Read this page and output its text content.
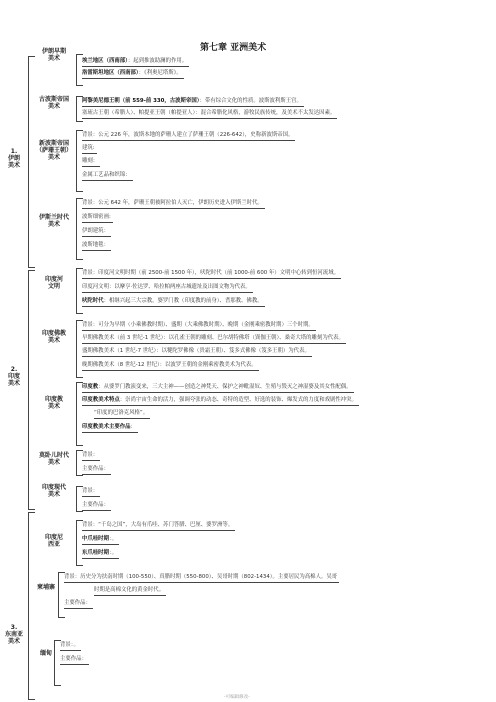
第七章 亚洲美术
1.
伊朗
美术
2.
印度
美术
3.
东南亚
美术
伊朗早期
美术
古波斯帝国
美术
新波斯帝国
（萨珊王朝）
美术
伊斯兰时代
美术
印度河
文明
印度佛教
美术
印度教
美术
莫卧儿时代
美术
印度现代
美术
印度尼
西亚
柬埔寨
缅甸
埃兰地区（西南部）：起到推波助澜的作用。
洛雷斯坦地区（西南部）：《利奥尼塔斯》。
阿黎美尼德王朝（前 559-前 330，古波斯帝国）：带有综合文化的性质。波斯波利斯王宫。
塞琉古王朝（希腊人）、帕提亚王朝（帕提亚人）：混合希腊化风格，游牧民族传统，及美术不太发达因素。
背景：公元 226 年，波斯本地的萨珊人建立了萨珊王朝（226-642），史称新波斯帝国。
建筑:
雕刻：
金属工艺品和织锦：
背景：公元 642 年，萨珊王朝被阿拉伯人灭亡，伊朗历史进入伊斯兰时代。
波斯细密画:
伊朗建筑：
波斯地毯：
背景：印度河文明时期（前 2500-前 1500 年），吠陀时代（前 1000-前 600 年）文明中心转到恒河流域。
印度河文明：以摩亨·佐达罗、哈拉帕两座古城遗址及出图文物为代表。
吠陀时代：相继兴起三大宗教，婆罗门教（印度教的前身）、耆那教、佛教。
背景：可分为早期（小乘佛教时期）、盛期（大乘佛教时期）、晚期（金刚乘密教时期）三个时期。
早期佛教美术（前 3 世纪-1 世纪）：以孔雀王朝的雕刻、巴尔胡特佛塔（巽伽王朝）、桑奇大塔的雕刻为代表。
盛期佛教美术（1 世纪-7 世纪）：以犍陀罗佛像（贵霜王朝）、笈多式佛像（笈多王朝）为代表。
晚期佛教美术（8 世纪-12 世纪）：以波罗王朝的金刚乘密教美术为代表。
印度教：从婆罗门教演变来，三大主神——创造之神梵天、保护之神毗湿奴、生殖与毁灭之神湿婆及其女性配偶。
印度教美术特点：崇尚宇宙生命的活力，强调夸张的动态、奇特的造型、好选的装饰、爆发式的力度和戏剧性冲突。
“印度的巴洛克风格”。
印度教美术主要作品：
背景：
主要作品：
背景：
主要作品：
背景：“千岛之国”，大岛有爪哇、苏门答腊、巴厘、婆罗洲等。
中爪哇时期：。
东爪哇时期：。
背景：历史分为扶南时期（100-550）、真腊时期（550-800）、吴哥时期（802-1434）。主要居民为高棉人。吴哥
时期是高棉文化的黄金时代。
主要作品：
背景：。
主要作品：
-可编辑修改-
